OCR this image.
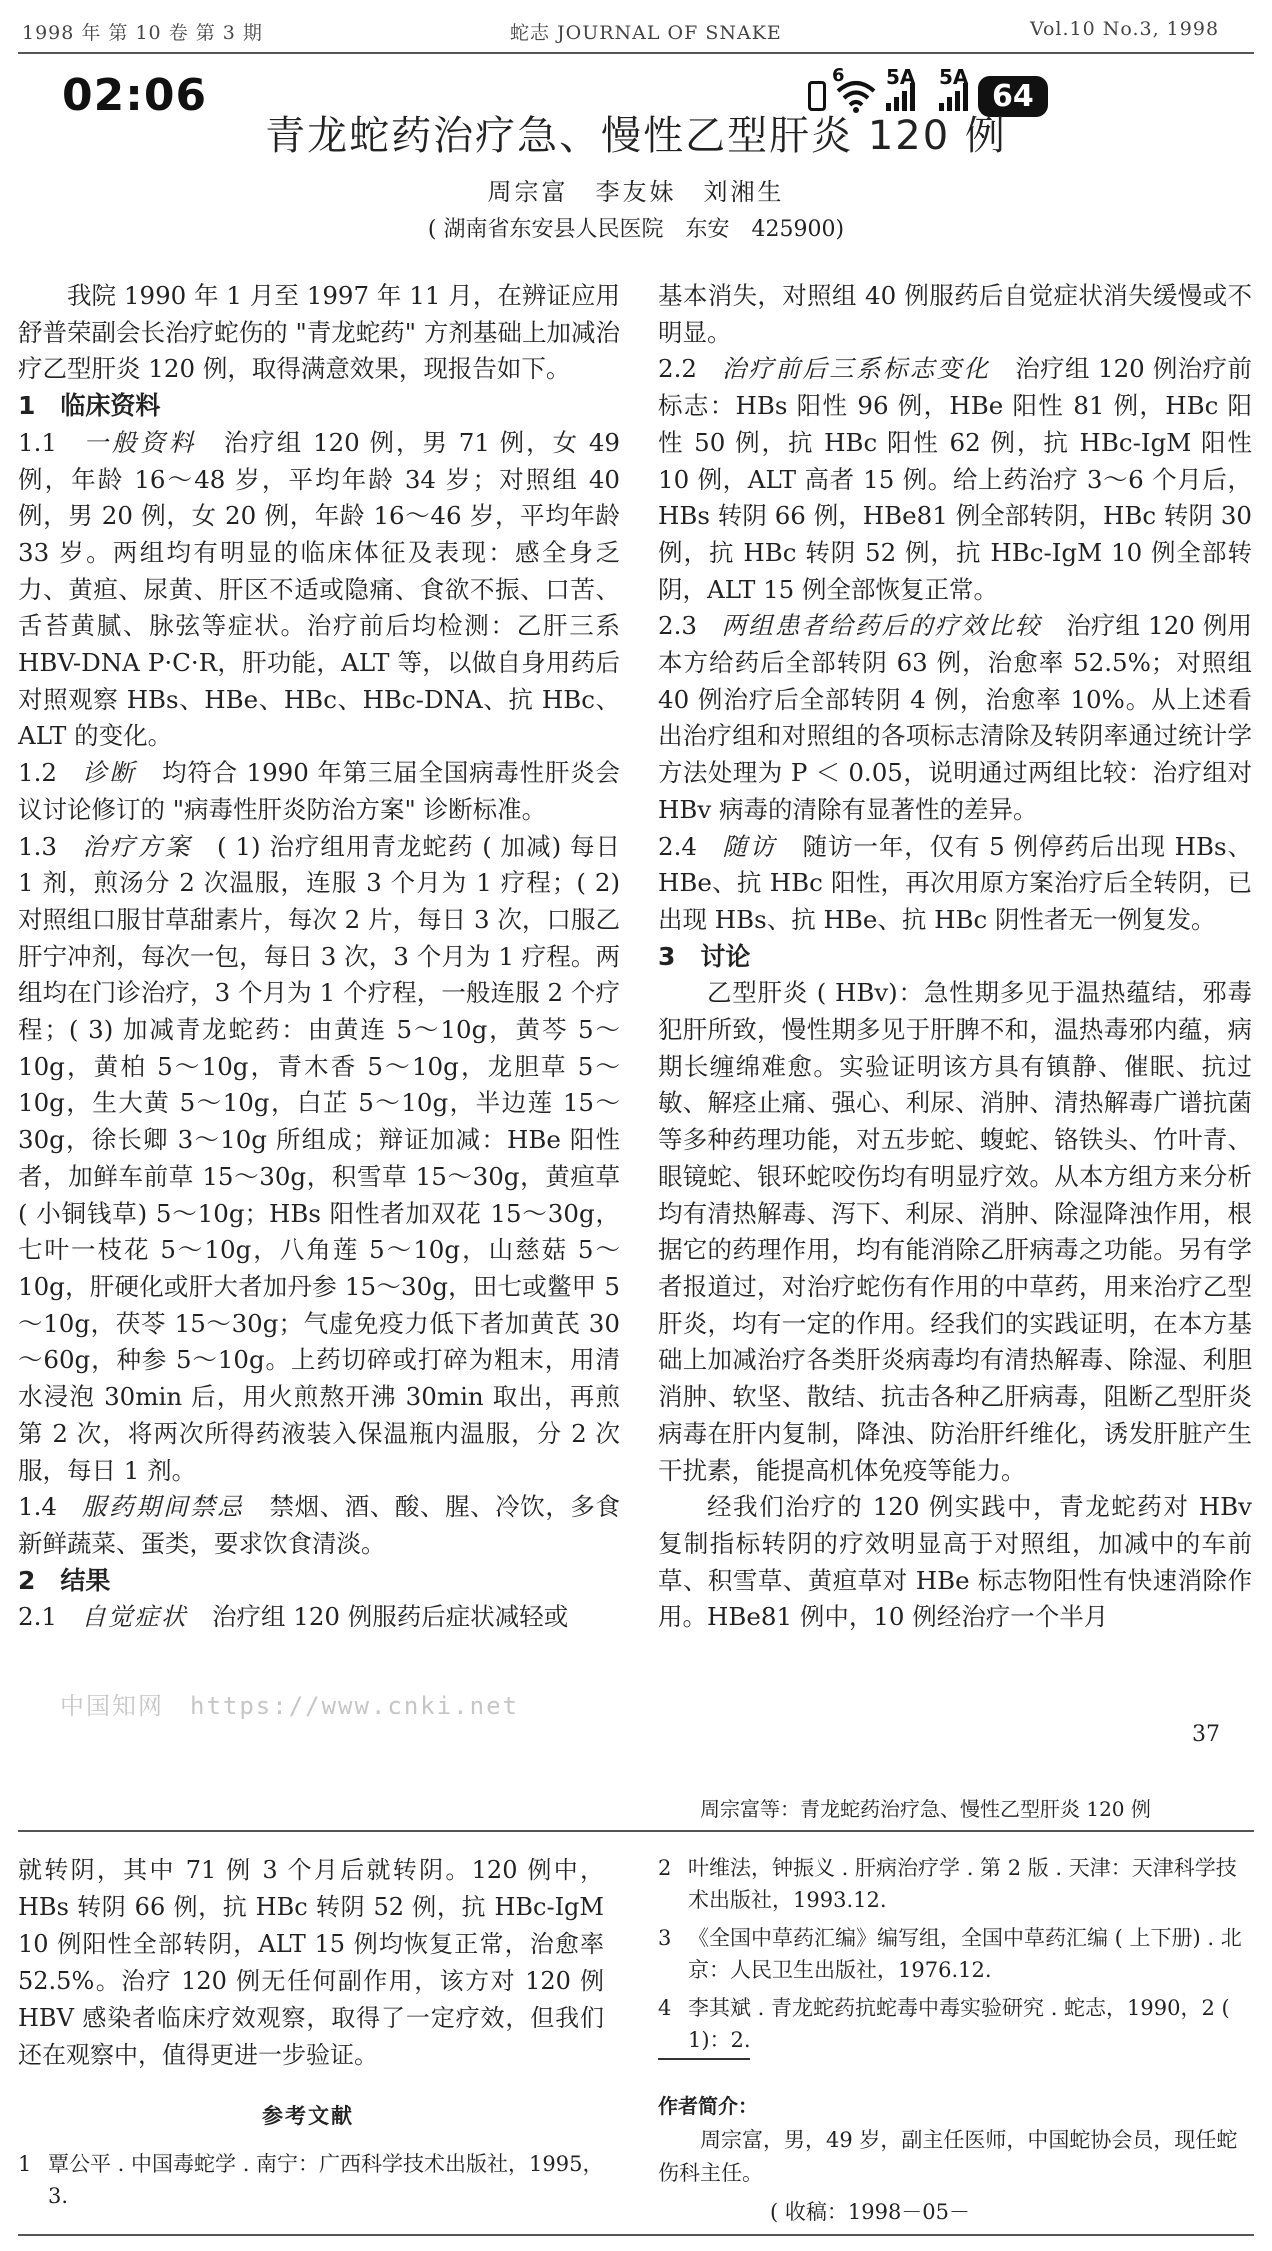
1998 年 第 10 卷 第 3 期	蛇志 JOURNAL OF SNAKE	Vol.10 No.3, 1998
02:06	6 5A 5A
64
青龙蛇药治疗急、慢性乙型肝炎 120 例
周宗富　李友妹　刘湘生
( 湖南省东安县人民医院　东安　425900)

我院 1990 年 1 月至 1997 年 11 月，在辨证应用舒普荣副会长治疗蛇伤的 "青龙蛇药" 方剂基础上加减治疗乙型肝炎 120 例，取得满意效果，现报告如下。

1　临床资料

1.1  一般资料  治疗组 120 例，男 71 例，女 49 例，年龄 16～48 岁，平均年龄 34 岁；对照组 40 例，男 20 例，女 20 例，年龄 16～46 岁，平均年龄 33 岁。两组均有明显的临床体征及表现：感全身乏力、黄疸、尿黄、肝区不适或隐痛、食欲不振、口苦、舌苔黄腻、脉弦等症状。治疗前后均检测：乙肝三系 HBV-DNA P·C·R，肝功能，ALT 等，以做自身用药后对照观察 HBs、HBe、HBc、HBc-DNA、抗 HBc、ALT 的变化。

1.2  诊断  均符合 1990 年第三届全国病毒性肝炎会议讨论修订的 "病毒性肝炎防治方案" 诊断标准。

1.3  治疗方案  ( 1) 治疗组用青龙蛇药 ( 加减) 每日 1 剂，煎汤分 2 次温服，连服 3 个月为 1 疗程；( 2) 对照组口服甘草甜素片，每次 2 片，每日 3 次，口服乙肝宁冲剂，每次一包，每日 3 次，3 个月为 1 疗程。两组均在门诊治疗，3 个月为 1 个疗程，一般连服 2 个疗程；( 3) 加减青龙蛇药：由黄连 5～10g，黄芩 5～10g，黄柏 5～10g，青木香 5～10g，龙胆草 5～10g，生大黄 5～10g，白芷 5～10g，半边莲 15～30g，徐长卿 3～10g 所组成；辩证加减：HBe 阳性者，加鲜车前草 15～30g，积雪草 15～30g，黄疸草 ( 小铜钱草) 5～10g；HBs 阳性者加双花 15～30g，七叶一枝花 5～10g，八角莲 5～10g，山慈菇 5～10g，肝硬化或肝大者加丹参 15～30g，田七或鳖甲 5～10g，茯苓 15～30g；气虚免疫力低下者加黄芪 30～60g，种参 5～10g。上药切碎或打碎为粗末，用清水浸泡 30min 后，用火煎熬开沸 30min 取出，再煎第 2 次，将两次所得药液装入保温瓶内温服，分 2 次服，每日 1 剂。

1.4  服药期间禁忌  禁烟、酒、酸、腥、冷饮，多食新鲜蔬菜、蛋类，要求饮食清淡。

2　结果

2.1  自觉症状  治疗组 120 例服药后症状减轻或

基本消失，对照组 40 例服药后自觉症状消失缓慢或不明显。

2.2  治疗前后三系标志变化  治疗组 120 例治疗前标志：HBs 阳性 96 例，HBe 阳性 81 例，HBc 阳性 50 例，抗 HBc 阳性 62 例，抗 HBc-IgM 阳性 10 例，ALT 高者 15 例。给上药治疗 3～6 个月后，HBs 转阴 66 例，HBe81 例全部转阴，HBc 转阴 30 例，抗 HBc 转阴 52 例，抗 HBc-IgM 10 例全部转阴，ALT 15 例全部恢复正常。

2.3  两组患者给药后的疗效比较  治疗组 120 例用本方给药后全部转阴 63 例，治愈率 52.5%；对照组 40 例治疗后全部转阴 4 例，治愈率 10%。从上述看出治疗组和对照组的各项标志清除及转阴率通过统计学方法处理为 P ＜ 0.05，说明通过两组比较：治疗组对 HBv 病毒的清除有显著性的差异。

2.4  随访  随访一年，仅有 5 例停药后出现 HBs、HBe、抗 HBc 阳性，再次用原方案治疗后全转阴，已出现 HBs、抗 HBe、抗 HBc 阴性者无一例复发。

3　讨论

乙型肝炎 ( HBv)：急性期多见于温热蕴结，邪毒犯肝所致，慢性期多见于肝脾不和，温热毒邪内蕴，病期长缠绵难愈。实验证明该方具有镇静、催眠、抗过敏、解痉止痛、强心、利尿、消肿、清热解毒广谱抗菌等多种药理功能，对五步蛇、蝮蛇、铬铁头、竹叶青、眼镜蛇、银环蛇咬伤均有明显疗效。从本方组方来分析均有清热解毒、泻下、利尿、消肿、除湿降浊作用，根据它的药理作用，均有能消除乙肝病毒之功能。另有学者报道过，对治疗蛇伤有作用的中草药，用来治疗乙型肝炎，均有一定的作用。经我们的实践证明，在本方基础上加减治疗各类肝炎病毒均有清热解毒、除湿、利胆消肿、软坚、散结、抗击各种乙肝病毒，阻断乙型肝炎病毒在肝内复制，降浊、防治肝纤维化，诱发肝脏产生干扰素，能提高机体免疫等能力。

经我们治疗的 120 例实践中，青龙蛇药对 HBv 复制指标转阴的疗效明显高于对照组，加减中的车前草、积雪草、黄疸草对 HBe 标志物阳性有快速消除作用。HBe81 例中，10 例经治疗一个半月

中国知网　https://www.cnki.net
37
周宗富等：青龙蛇药治疗急、慢性乙型肝炎 120 例

就转阴，其中 71 例 3 个月后就转阴。120 例中，HBs 转阴 66 例，抗 HBc 转阴 52 例，抗 HBc-IgM 10 例阳性全部转阴，ALT 15 例均恢复正常，治愈率 52.5%。治疗 120 例无任何副作用，该方对 120 例 HBV 感染者临床疗效观察，取得了一定疗效，但我们还在观察中，值得更进一步验证。

参考文献
1 覃公平 . 中国毒蛇学 . 南宁：广西科学技术出版社，1995，3.
2 叶维法，钟振义 . 肝病治疗学 . 第 2 版 . 天津：天津科学技术出版社，1993.12.
3 《全国中草药汇编》编写组，全国中草药汇编 ( 上下册) . 北京：人民卫生出版社，1976.12.
4 李其斌 . 青龙蛇药抗蛇毒中毒实验研究 . 蛇志，1990，2 ( 1)：2.
作者简介：
周宗富，男，49 岁，副主任医师，中国蛇协会员，现任蛇伤科主任。
( 收稿：1998－05－
